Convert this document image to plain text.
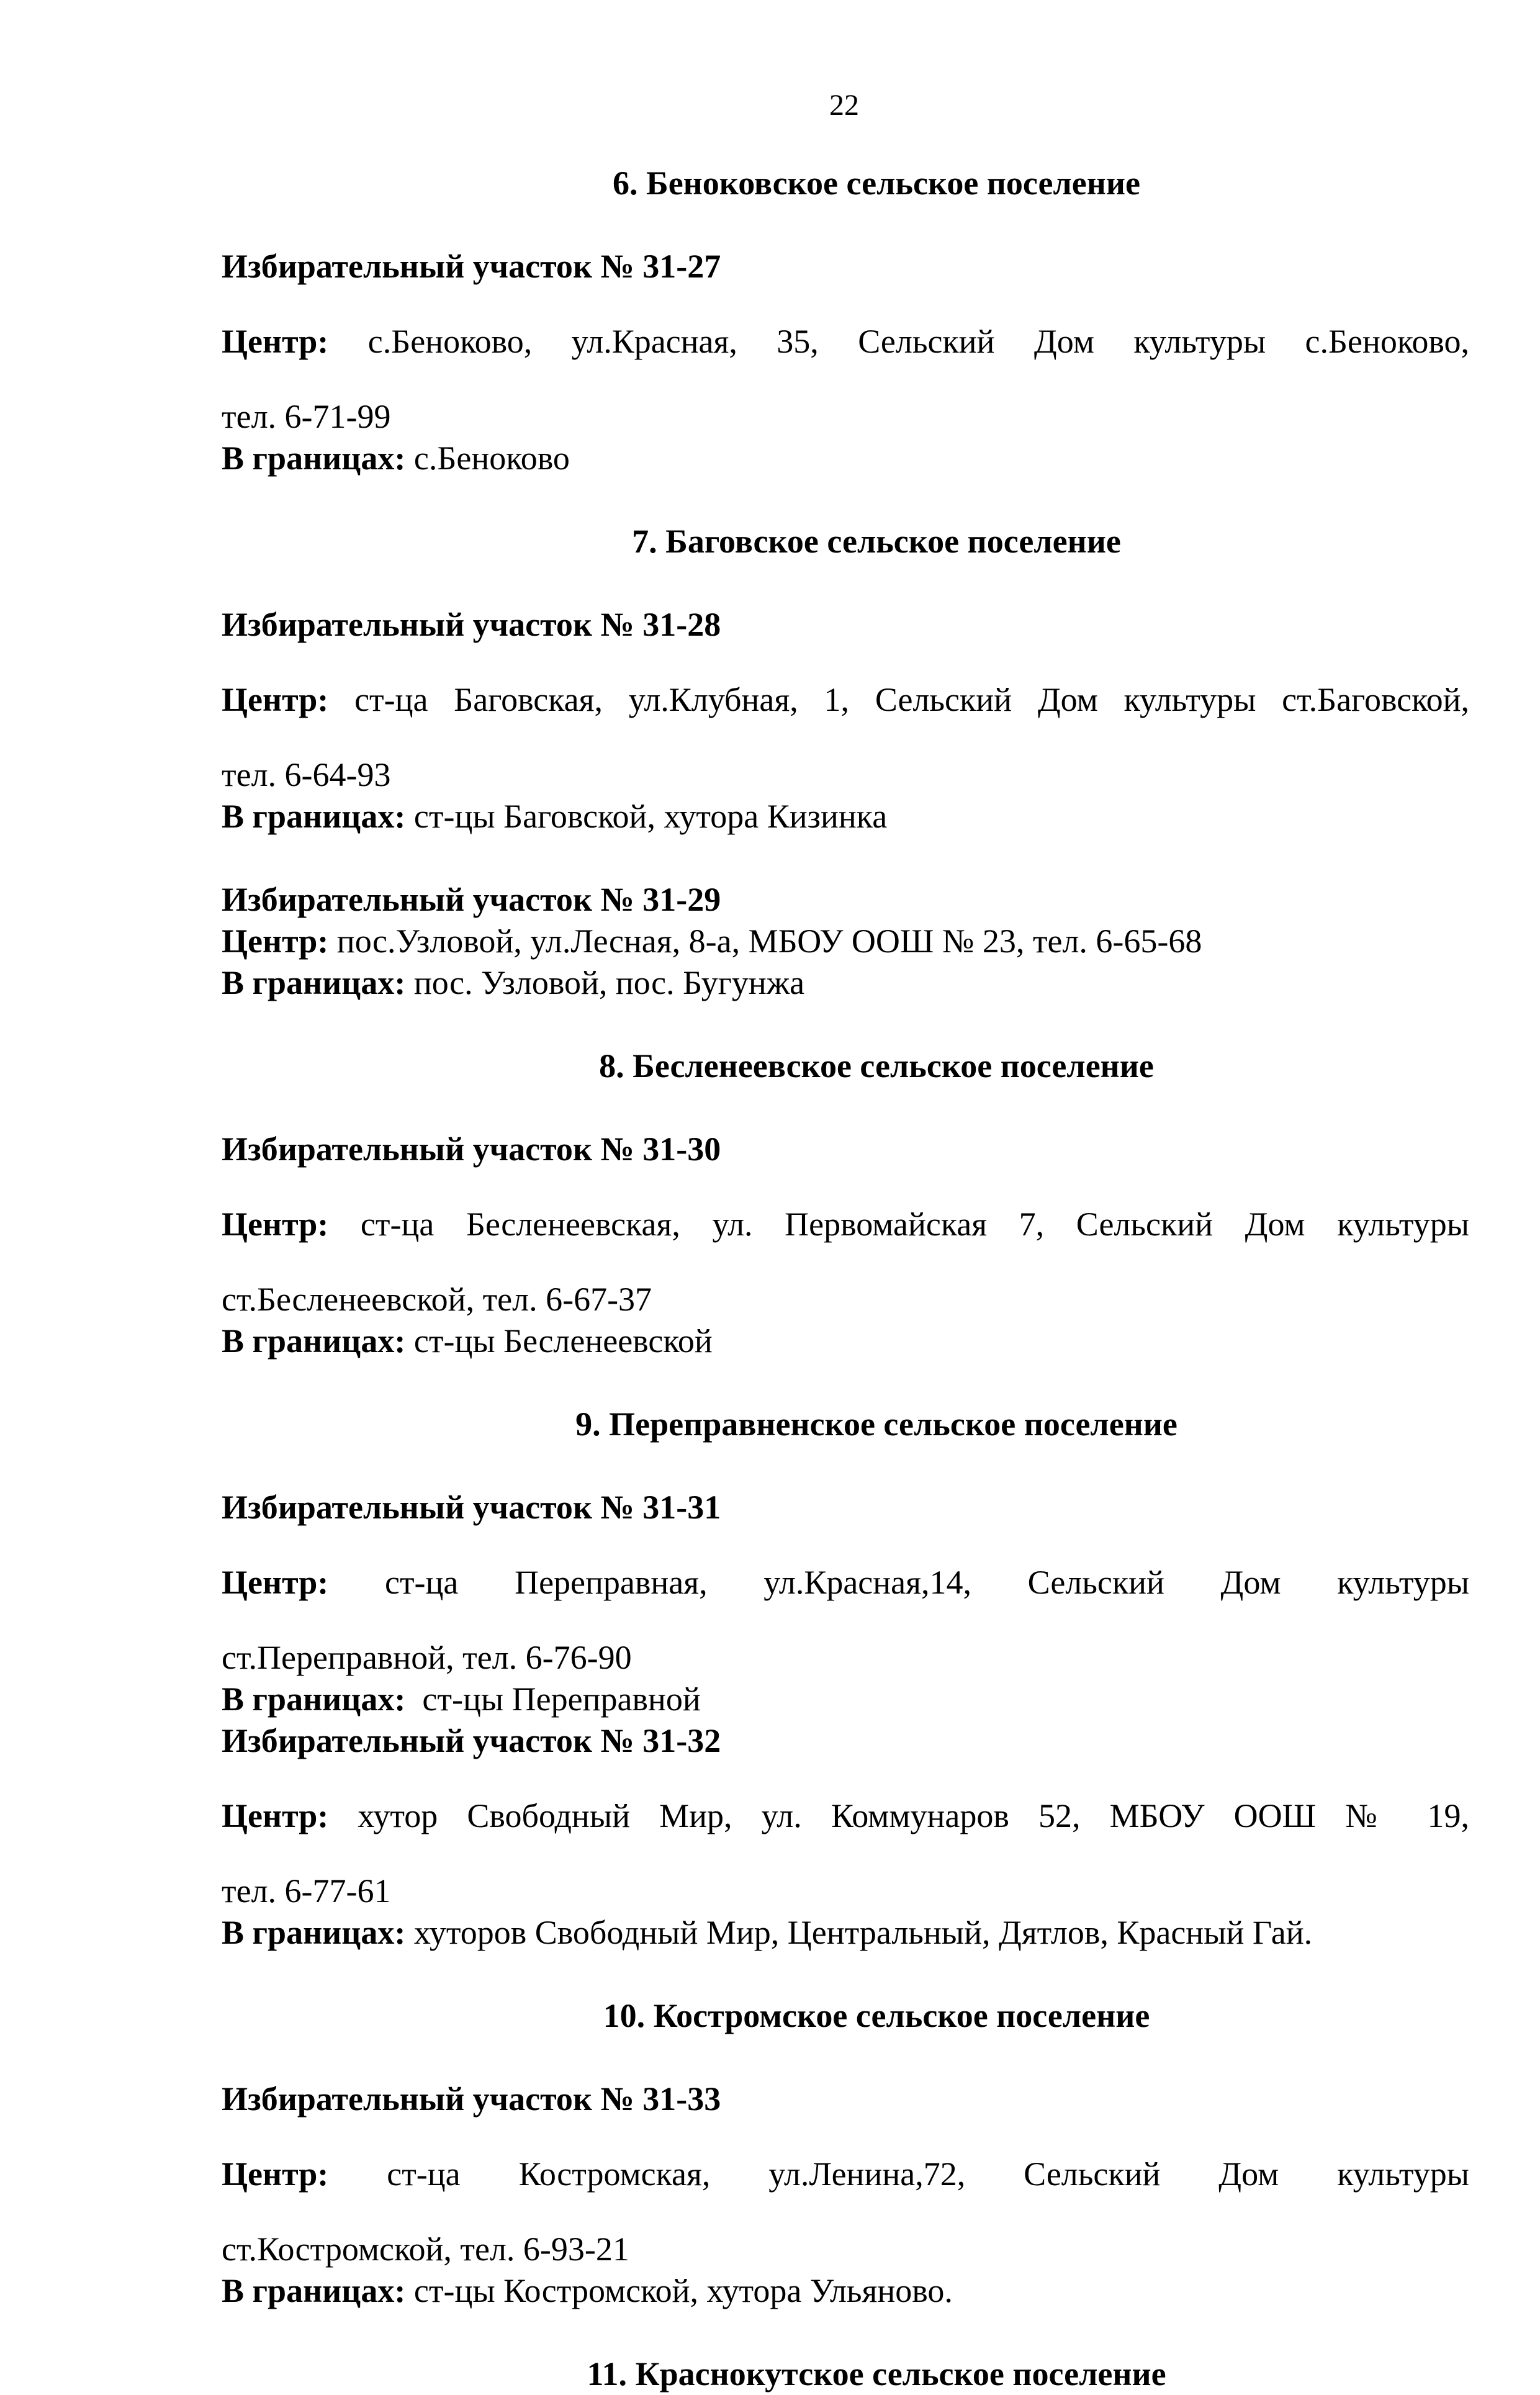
22

6. Беноковское сельское поселение

Избирательный участок № 31-27

Центр: с.Беноково, ул.Красная, 35, Сельский Дом культуры с.Беноково,

тел. 6-71-99

В границах: с.Беноково

7. Баговское сельское поселение

Избирательный участок № 31-28

Центр: ст-ца Баговская, ул.Клубная, 1, Сельский Дом культуры ст.Баговской,

тел. 6-64-93

В границах: ст-цы Баговской, хутора Кизинка

Избирательный участок № 31-29

Центр: пос.Узловой, ул.Лесная, 8-а, МБОУ ООШ № 23, тел. 6-65-68

В границах: пос. Узловой, пос. Бугунжа

8. Бесленеевское сельское поселение

Избирательный участок № 31-30

Центр: ст-ца Бесленеевская, ул. Первомайская 7, Сельский Дом культуры

ст.Бесленеевской, тел. 6-67-37

В границах: ст-цы Бесленеевской

9. Переправненское сельское поселение

Избирательный участок № 31-31

Центр: ст-ца Переправная, ул.Красная,14, Сельский Дом культуры

ст.Переправной, тел. 6-76-90

В границах:  ст-цы Переправной

Избирательный участок № 31-32

Центр: хутор Свободный Мир, ул. Коммунаров 52, МБОУ ООШ № 19,

тел. 6-77-61

В границах: хуторов Свободный Мир, Центральный, Дятлов, Красный Гай.

10. Костромское сельское поселение

Избирательный участок № 31-33

Центр: ст-ца Костромская, ул.Ленина,72, Сельский Дом культуры

ст.Костромской, тел. 6-93-21

В границах: ст-цы Костромской, хутора Ульяново.

11. Краснокутское сельское поселение
